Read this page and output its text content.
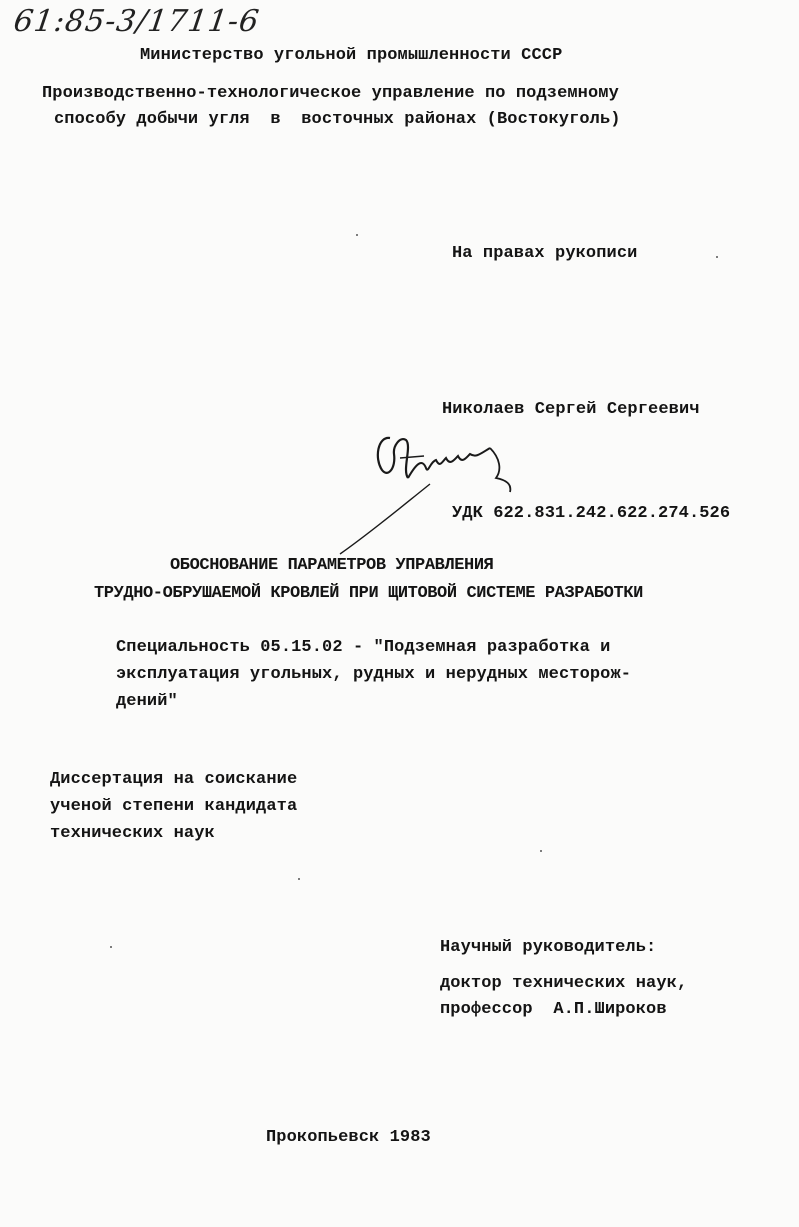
61:85-3/1711-6
Министерство угольной промышленности СССР
Производственно-технологическое управление по подземному
способу добычи угля  в  восточных районах (Востокуголь)
На правах рукописи
Николаев Сергей Сергеевич
УДК 622.831.242.622.274.526
ОБОСНОВАНИЕ ПАРАМЕТРОВ УПРАВЛЕНИЯ
ТРУДНО-ОБРУШАЕМОЙ КРОВЛЕЙ ПРИ ЩИТОВОЙ СИСТЕМЕ РАЗРАБОТКИ
Специальность 05.15.02 - "Подземная разработка и
эксплуатация угольных, рудных и нерудных месторож-
дений"
Диссертация на соискание
ученой степени кандидата
технических наук
Научный руководитель:
доктор технических наук,
профессор  А.П.Широков
Прокопьевск 1983
